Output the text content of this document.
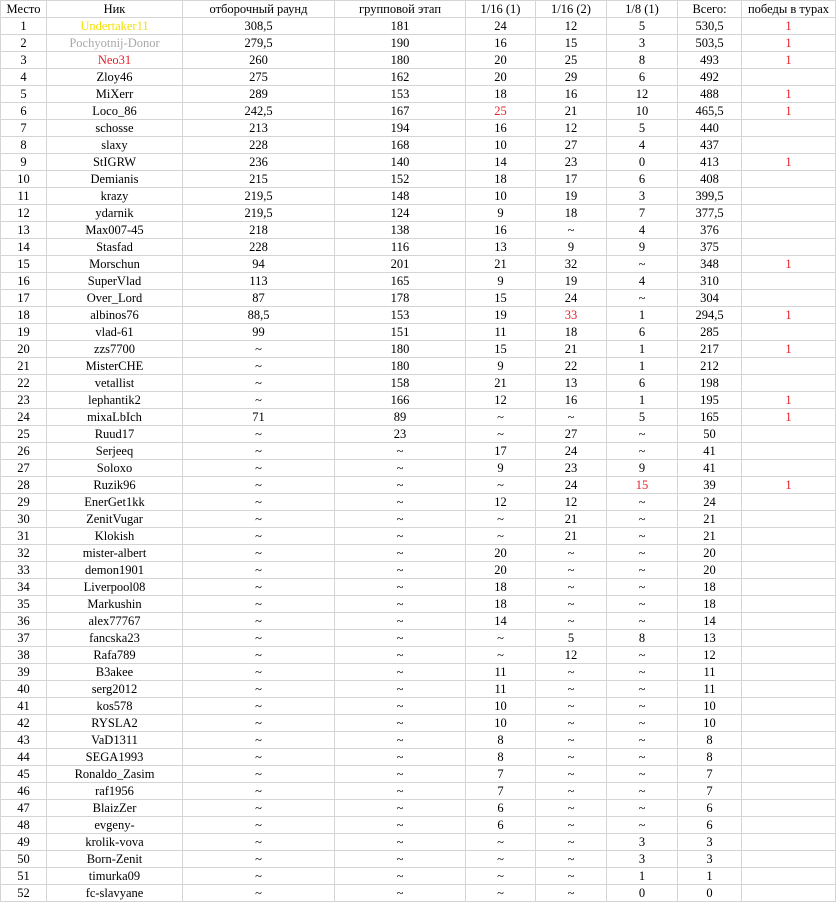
Место	Ник	отборочный раунд	групповой этап	1/16 (1)	1/16 (2)	1/8 (1)	Всего:	победы в турах
1	Undertaker11	308,5	181	24	12	5	530,5	1
2	Pochyotnij-Donor	279,5	190	16	15	3	503,5	1
3	Neo31	260	180	20	25	8	493	1
4	Zloy46	275	162	20	29	6	492	
5	MiXerr	289	153	18	16	12	488	1
6	Loco_86	242,5	167	25	21	10	465,5	1
7	schosse	213	194	16	12	5	440	
8	slaxy	228	168	10	27	4	437	
9	StIGRW	236	140	14	23	0	413	1
10	Demianis	215	152	18	17	6	408	
11	krazy	219,5	148	10	19	3	399,5	
12	ydarnik	219,5	124	9	18	7	377,5	
13	Max007-45	218	138	16	~	4	376	
14	Stasfad	228	116	13	9	9	375	
15	Morschun	94	201	21	32	~	348	1
16	SuperVlad	113	165	9	19	4	310	
17	Over_Lord	87	178	15	24	~	304	
18	albinos76	88,5	153	19	33	1	294,5	1
19	vlad-61	99	151	11	18	6	285	
20	zzs7700	~	180	15	21	1	217	1
21	MisterCHE	~	180	9	22	1	212	
22	vetallist	~	158	21	13	6	198	
23	lephantik2	~	166	12	16	1	195	1
24	mixaLbIch	71	89	~	~	5	165	1
25	Ruud17	~	23	~	27	~	50	
26	Serjeeq	~	~	17	24	~	41	
27	Soloxo	~	~	9	23	9	41	
28	Ruzik96	~	~	~	24	15	39	1
29	EnerGet1kk	~	~	12	12	~	24	
30	ZenitVugar	~	~	~	21	~	21	
31	Klokish	~	~	~	21	~	21	
32	mister-albert	~	~	20	~	~	20	
33	demon1901	~	~	20	~	~	20	
34	Liverpool08	~	~	18	~	~	18	
35	Markushin	~	~	18	~	~	18	
36	alex77767	~	~	14	~	~	14	
37	fancska23	~	~	~	5	8	13	
38	Rafa789	~	~	~	12	~	12	
39	B3akee	~	~	11	~	~	11	
40	serg2012	~	~	11	~	~	11	
41	kos578	~	~	10	~	~	10	
42	RYSLA2	~	~	10	~	~	10	
43	VaD1311	~	~	8	~	~	8	
44	SEGA1993	~	~	8	~	~	8	
45	Ronaldo_Zasim	~	~	7	~	~	7	
46	raf1956	~	~	7	~	~	7	
47	BlaizZer	~	~	6	~	~	6	
48	evgeny-	~	~	6	~	~	6	
49	krolik-vova	~	~	~	~	3	3	
50	Born-Zenit	~	~	~	~	3	3	
51	timurka09	~	~	~	~	1	1	
52	fc-slavyane	~	~	~	~	0	0	
